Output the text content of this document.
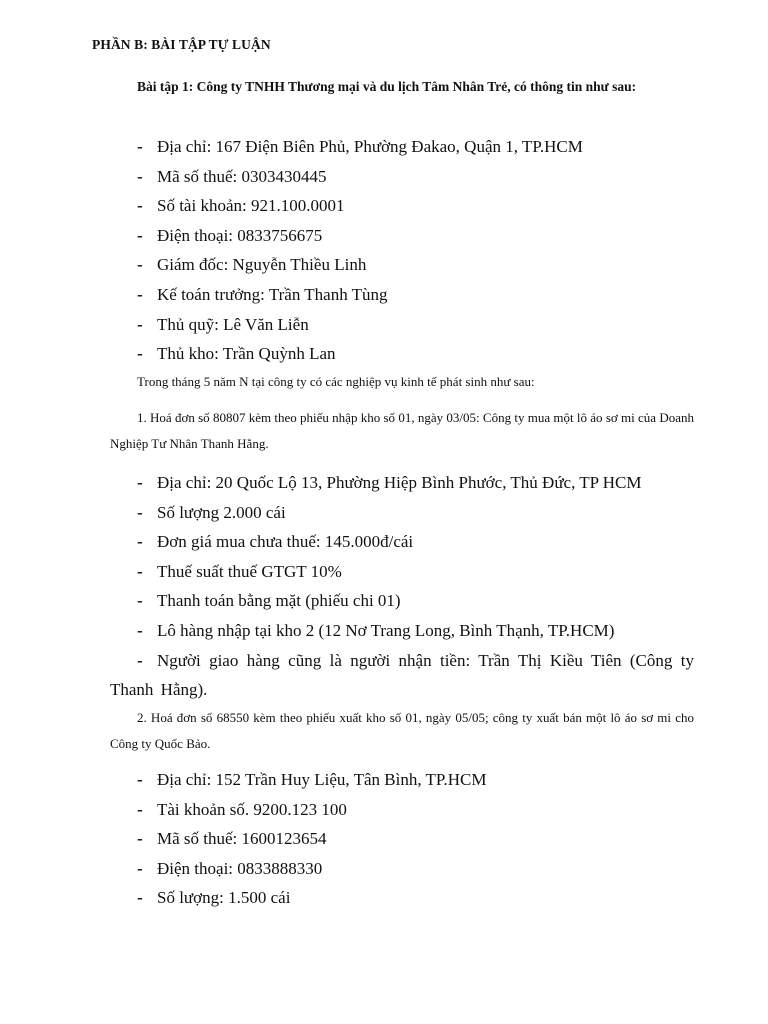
PHẦN B: BÀI TẬP TỰ LUẬN
Bài tập 1: Công ty TNHH Thương mại và du lịch Tâm Nhân Trẻ, có thông tin như sau:
- Địa chỉ: 167 Điện Biên Phủ, Phường Đakao, Quận 1, TP.HCM
- Mã số thuế: 0303430445
- Số tài khoản: 921.100.0001
- Điện thoại: 0833756675
- Giám đốc: Nguyễn Thiều Linh
- Kế toán trưởng: Trần Thanh Tùng
- Thủ quỹ: Lê Văn Liễn
- Thủ kho: Trần Quỳnh Lan
Trong tháng 5 năm N tại công ty có các nghiệp vụ kinh tế phát sinh như sau:
1. Hoá đơn số 80807 kèm theo phiếu nhập kho số 01, ngày 03/05: Công ty mua một lô áo sơ mi của Doanh Nghiệp Tư Nhân Thanh Hằng.
- Địa chỉ: 20 Quốc Lộ 13, Phường Hiệp Bình Phước, Thủ Đức, TP HCM
- Số lượng 2.000 cái
- Đơn giá mua chưa thuế: 145.000đ/cái
- Thuế suất thuế GTGT 10%
- Thanh toán bằng mặt (phiếu chi 01)
- Lô hàng nhập tại kho 2 (12 Nơ Trang Long, Bình Thạnh, TP.HCM)
- Người giao hàng cũng là người nhận tiền: Trần Thị Kiều Tiên (Công ty Thanh Hằng).
2. Hoá đơn số 68550 kèm theo phiếu xuất kho số 01, ngày 05/05; công ty xuất bán một lô áo sơ mi cho Công ty Quốc Bảo.
- Địa chỉ: 152 Trần Huy Liệu, Tân Bình, TP.HCM
- Tài khoản số. 9200.123 100
- Mã số thuế: 1600123654
- Điện thoại: 0833888330
- Số lượng: 1.500 cái
